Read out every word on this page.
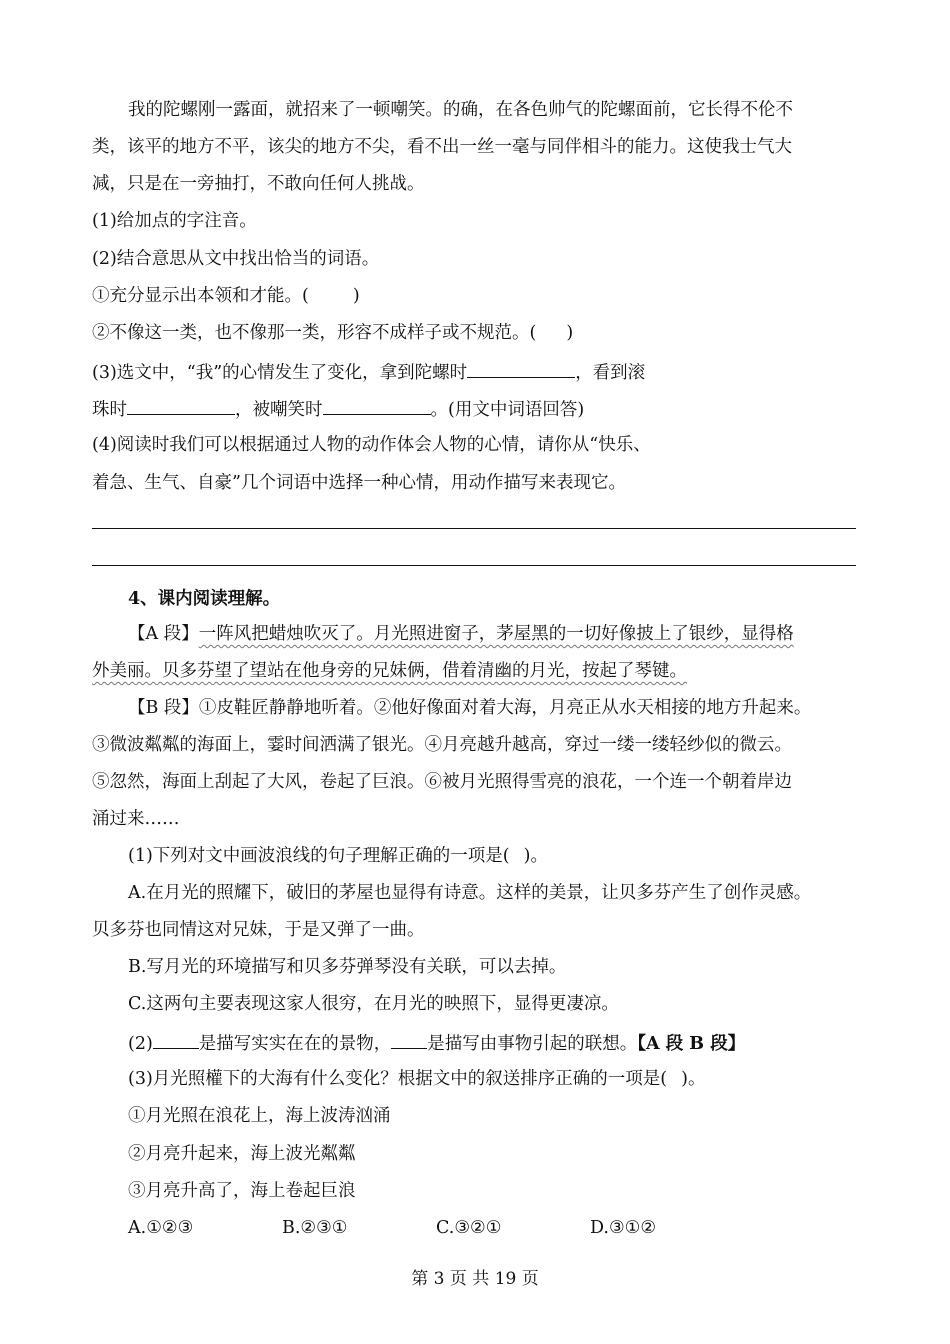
我的陀螺刚一露面，就招来了一顿嘲笑。的确，在各色帅气的陀螺面前，它长得不伦不
类，该平的地方不平，该尖的地方不尖，看不出一丝一毫与同伴相斗的能力。这使我士气大
减，只是在一旁抽打，不敢向任何人挑战。
(1)给加点的字注音。
(2)结合意思从文中找出恰当的词语。
①充分显示出本领和才能。(	)
②不像这一类，也不像那一类，形容不成样子或不规范。( )
(3)选文中，“我”的心情发生了变化，拿到陀螺时	，看到滚
珠时	，被嘲笑时	。(用文中词语回答)
(4)阅读时我们可以根据通过人物的动作体会人物的心情，请你从“快乐、
着急、生气、自豪”几个词语中选择一种心情，用动作描写来表现它。
4、课内阅读理解。
【A 段】一阵风把蜡烛吹灭了。月光照进窗子，茅屋黑的一切好像披上了银纱，显得格
外美丽。贝多芬望了望站在他身旁的兄妹俩，借着清幽的月光，按起了琴键。
【B 段】①皮鞋匠静静地听着。②他好像面对着大海，月亮正从水天相接的地方升起来。
③微波粼粼的海面上，霎时间洒满了银光。④月亮越升越高，穿过一缕一缕轻纱似的微云。
⑤忽然，海面上刮起了大风，卷起了巨浪。⑥被月光照得雪亮的浪花，一个连一个朝着岸边
涌过来……
(1)下列对文中画波浪线的句子理解正确的一项是( )。
A.在月光的照耀下，破旧的茅屋也显得有诗意。这样的美景，让贝多芬产生了创作灵感。
贝多芬也同情这对兄妹，于是又弹了一曲。
B.写月光的环境描写和贝多芬弹琴没有关联，可以去掉。
C.这两句主要表现这家人很穷，在月光的映照下，显得更凄凉。
(2)	是描写实实在在的景物， 是描写由事物引起的联想。【A 段 B 段】
(3)月光照權下的大海有什么变化？根据文中的叙送排序正确的一项是( )。
①月光照在浪花上，海上波涛汹涌
②月亮升起来，海上波光粼粼
③月亮升高了，海上卷起巨浪
A.①②③	B.②③①	C.③②①	D.③①②
第 3 页 共 19 页
